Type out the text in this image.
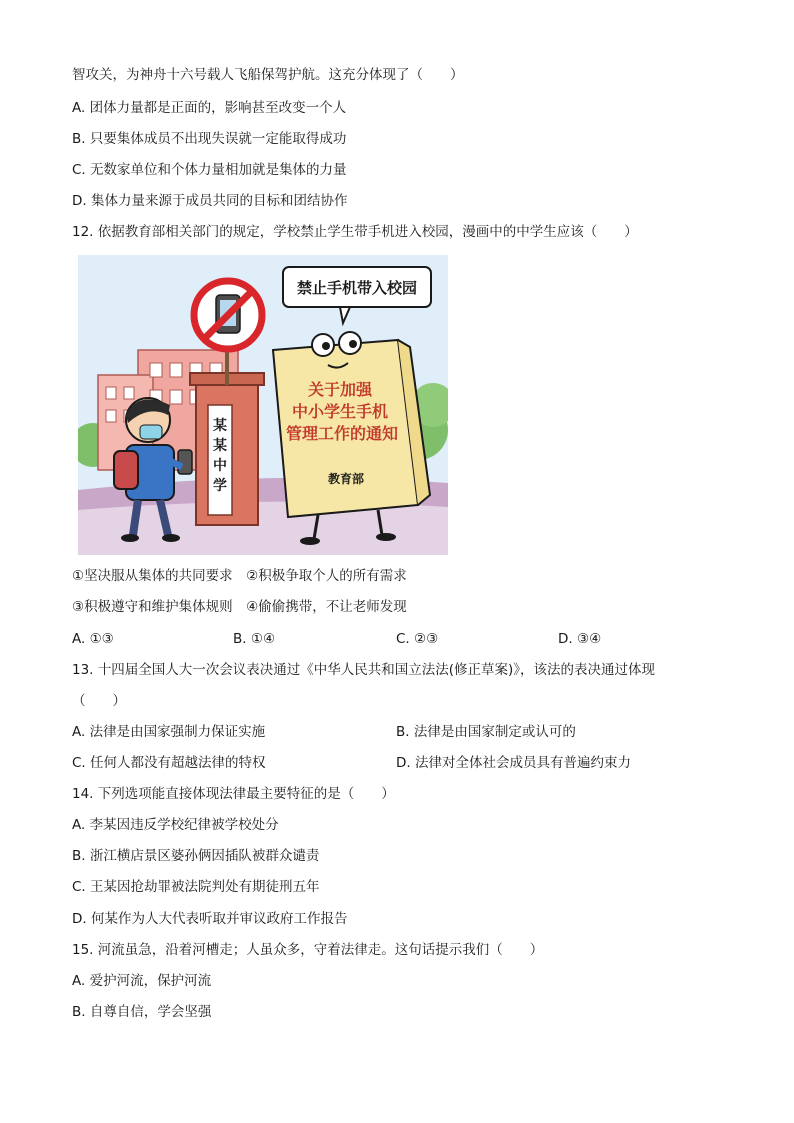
智攻关，为神舟十六号载人飞船保驾护航。这充分体现了（　　）
A. 团体力量都是正面的，影响甚至改变一个人
B. 只要集体成员不出现失误就一定能取得成功
C. 无数家单位和个体力量相加就是集体的力量
D. 集体力量来源于成员共同的目标和团结协作
12. 依据教育部相关部门的规定，学校禁止学生带手机进入校园，漫画中的中学生应该（　　）
某
某
中
学
禁止手机带入校园
关于加强
中小学生手机
管理工作的通知
教育部
①坚决服从集体的共同要求　②积极争取个人的所有需求
③积极遵守和维护集体规则　④偷偷携带，不让老师发现
A. ①③	B. ①④	C. ②③	D. ③④
13. 十四届全国人大一次会议表决通过《中华人民共和国立法法(修正草案)》，该法的表决通过体现
（　　）
A. 法律是由国家强制力保证实施	B. 法律是由国家制定或认可的
C. 任何人都没有超越法律的特权	D. 法律对全体社会成员具有普遍约束力
14. 下列选项能直接体现法律最主要特征的是（　　）
A. 李某因违反学校纪律被学校处分
B. 浙江横店景区婆孙俩因插队被群众谴责
C. 王某因抢劫罪被法院判处有期徒刑五年
D. 何某作为人大代表听取并审议政府工作报告
15. 河流虽急，沿着河槽走；人虽众多，守着法律走。这句话提示我们（　　）
A. 爱护河流，保护河流
B. 自尊自信，学会坚强
